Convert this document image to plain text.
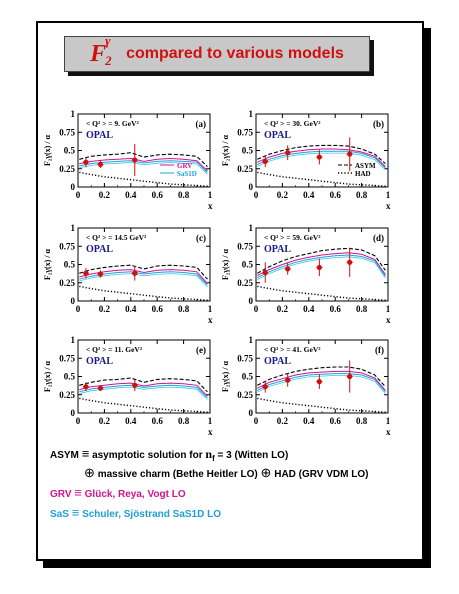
F
γ
2 compared to various models
0 0.2 0.4 0.6 0.8 1
0
0.25
0.5
0.75
1
x
F₂γ(x) / α
< Q² > = 9. GeV²
OPAL
(a)
GRV
SaS1D
0 0.2 0.4 0.6 0.8 1
0
0.25
0.5
0.75
1
x
F₂γ(x) / α
< Q² > = 30. GeV²
OPAL
(b)
ASYM
HAD
0 0.2 0.4 0.6 0.8 1
0
0.25
0.5
0.75
1
x
F₂γ(x) / α
< Q² > = 14.5 GeV²
OPAL
(c)
0 0.2 0.4 0.6 0.8 1
0
0.25
0.5
0.75
1
x
F₂γ(x) / α
< Q² > = 59. GeV²
OPAL
(d)
0 0.2 0.4 0.6 0.8 1
0
0.25
0.5
0.75
1
x
F₂γ(x) / α
< Q² > = 11. GeV²
OPAL
(e)
0 0.2 0.4 0.6 0.8 1
0
0.25
0.5
0.75
1
x
F₂γ(x) / α
< Q² > = 41. GeV²
OPAL
(f)
ASYM ≡ asymptotic solution for $n_f = 3$ (Witten LO)
⊕ massive charm (Bethe Heitler LO) ⊕ HAD (GRV VDM LO)
GRV ≡ Glück, Reya, Vogt LO
SaS ≡ Schuler, Sjöstrand SaS1D LO
